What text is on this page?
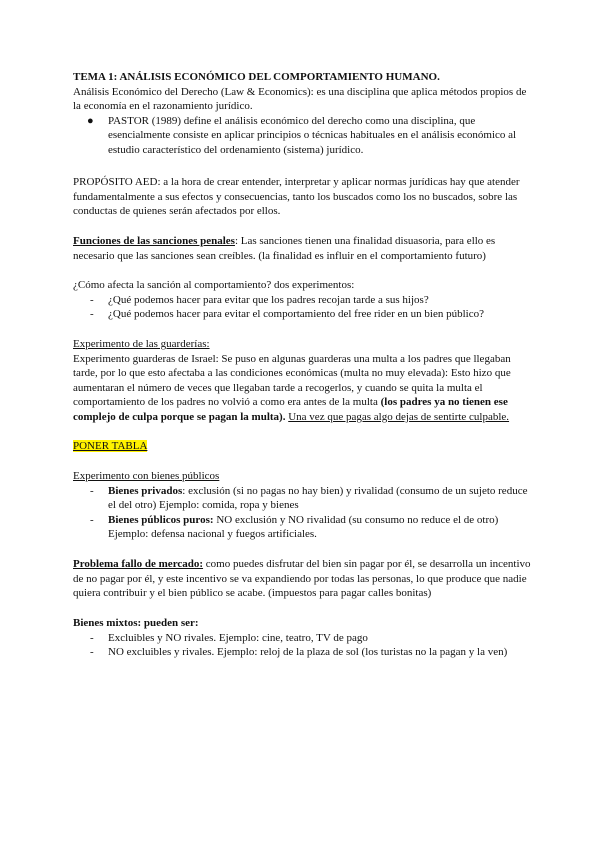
TEMA 1: ANÁLISIS ECONÓMICO DEL COMPORTAMIENTO HUMANO.

Análisis Económico del Derecho (Law & Economics): es una disciplina que aplica métodos propios de la economía en el razonamiento jurídico.

● PASTOR (1989) define el análisis económico del derecho como una disciplina, que esencialmente consiste en aplicar principios o técnicas habituales en el análisis económico al estudio característico del ordenamiento (sistema) jurídico.

PROPÓSITO AED: a la hora de crear entender, interpretar y aplicar normas jurídicas hay que atender fundamentalmente a sus efectos y consecuencias, tanto los buscados como los no buscados, sobre las conductas de quienes serán afectados por ellos.

Funciones de las sanciones penales: Las sanciones tienen una finalidad disuasoria, para ello es necesario que las sanciones sean creíbles. (la finalidad es influir en el comportamiento futuro)

¿Cómo afecta la sanción al comportamiento? dos experimentos:

- ¿Qué podemos hacer para evitar que los padres recojan tarde a sus hijos?
- ¿Qué podemos hacer para evitar el comportamiento del free rider en un bien público?

Experimento de las guarderías:

Experimento guarderas de Israel: Se puso en algunas guarderas una multa a los padres que llegaban tarde, por lo que esto afectaba a las condiciones económicas (multa no muy elevada): Esto hizo que aumentaran el número de veces que llegaban tarde a recogerlos, y cuando se quita la multa el comportamiento de los padres no volvió a como era antes de la multa (los padres ya no tienen ese complejo de culpa porque se pagan la multa). Una vez que pagas algo dejas de sentirte culpable.

PONER TABLA

Experimento con bienes públicos

- Bienes privados: exclusión (si no pagas no hay bien) y rivalidad (consumo de un sujeto reduce el del otro) Ejemplo: comida, ropa y bienes
- Bienes públicos puros: NO exclusión y NO rivalidad (su consumo no reduce el de otro) Ejemplo: defensa nacional y fuegos artificiales.

Problema fallo de mercado: como puedes disfrutar del bien sin pagar por él, se desarrolla un incentivo de no pagar por él, y este incentivo se va expandiendo por todas las personas, lo que produce que nadie quiera contribuir y el bien público se acabe. (impuestos para pagar calles bonitas)

Bienes mixtos: pueden ser:

- Excluibles y NO rivales. Ejemplo: cine, teatro, TV de pago
- NO excluibles y rivales. Ejemplo: reloj de la plaza de sol (los turistas no la pagan y la ven)
